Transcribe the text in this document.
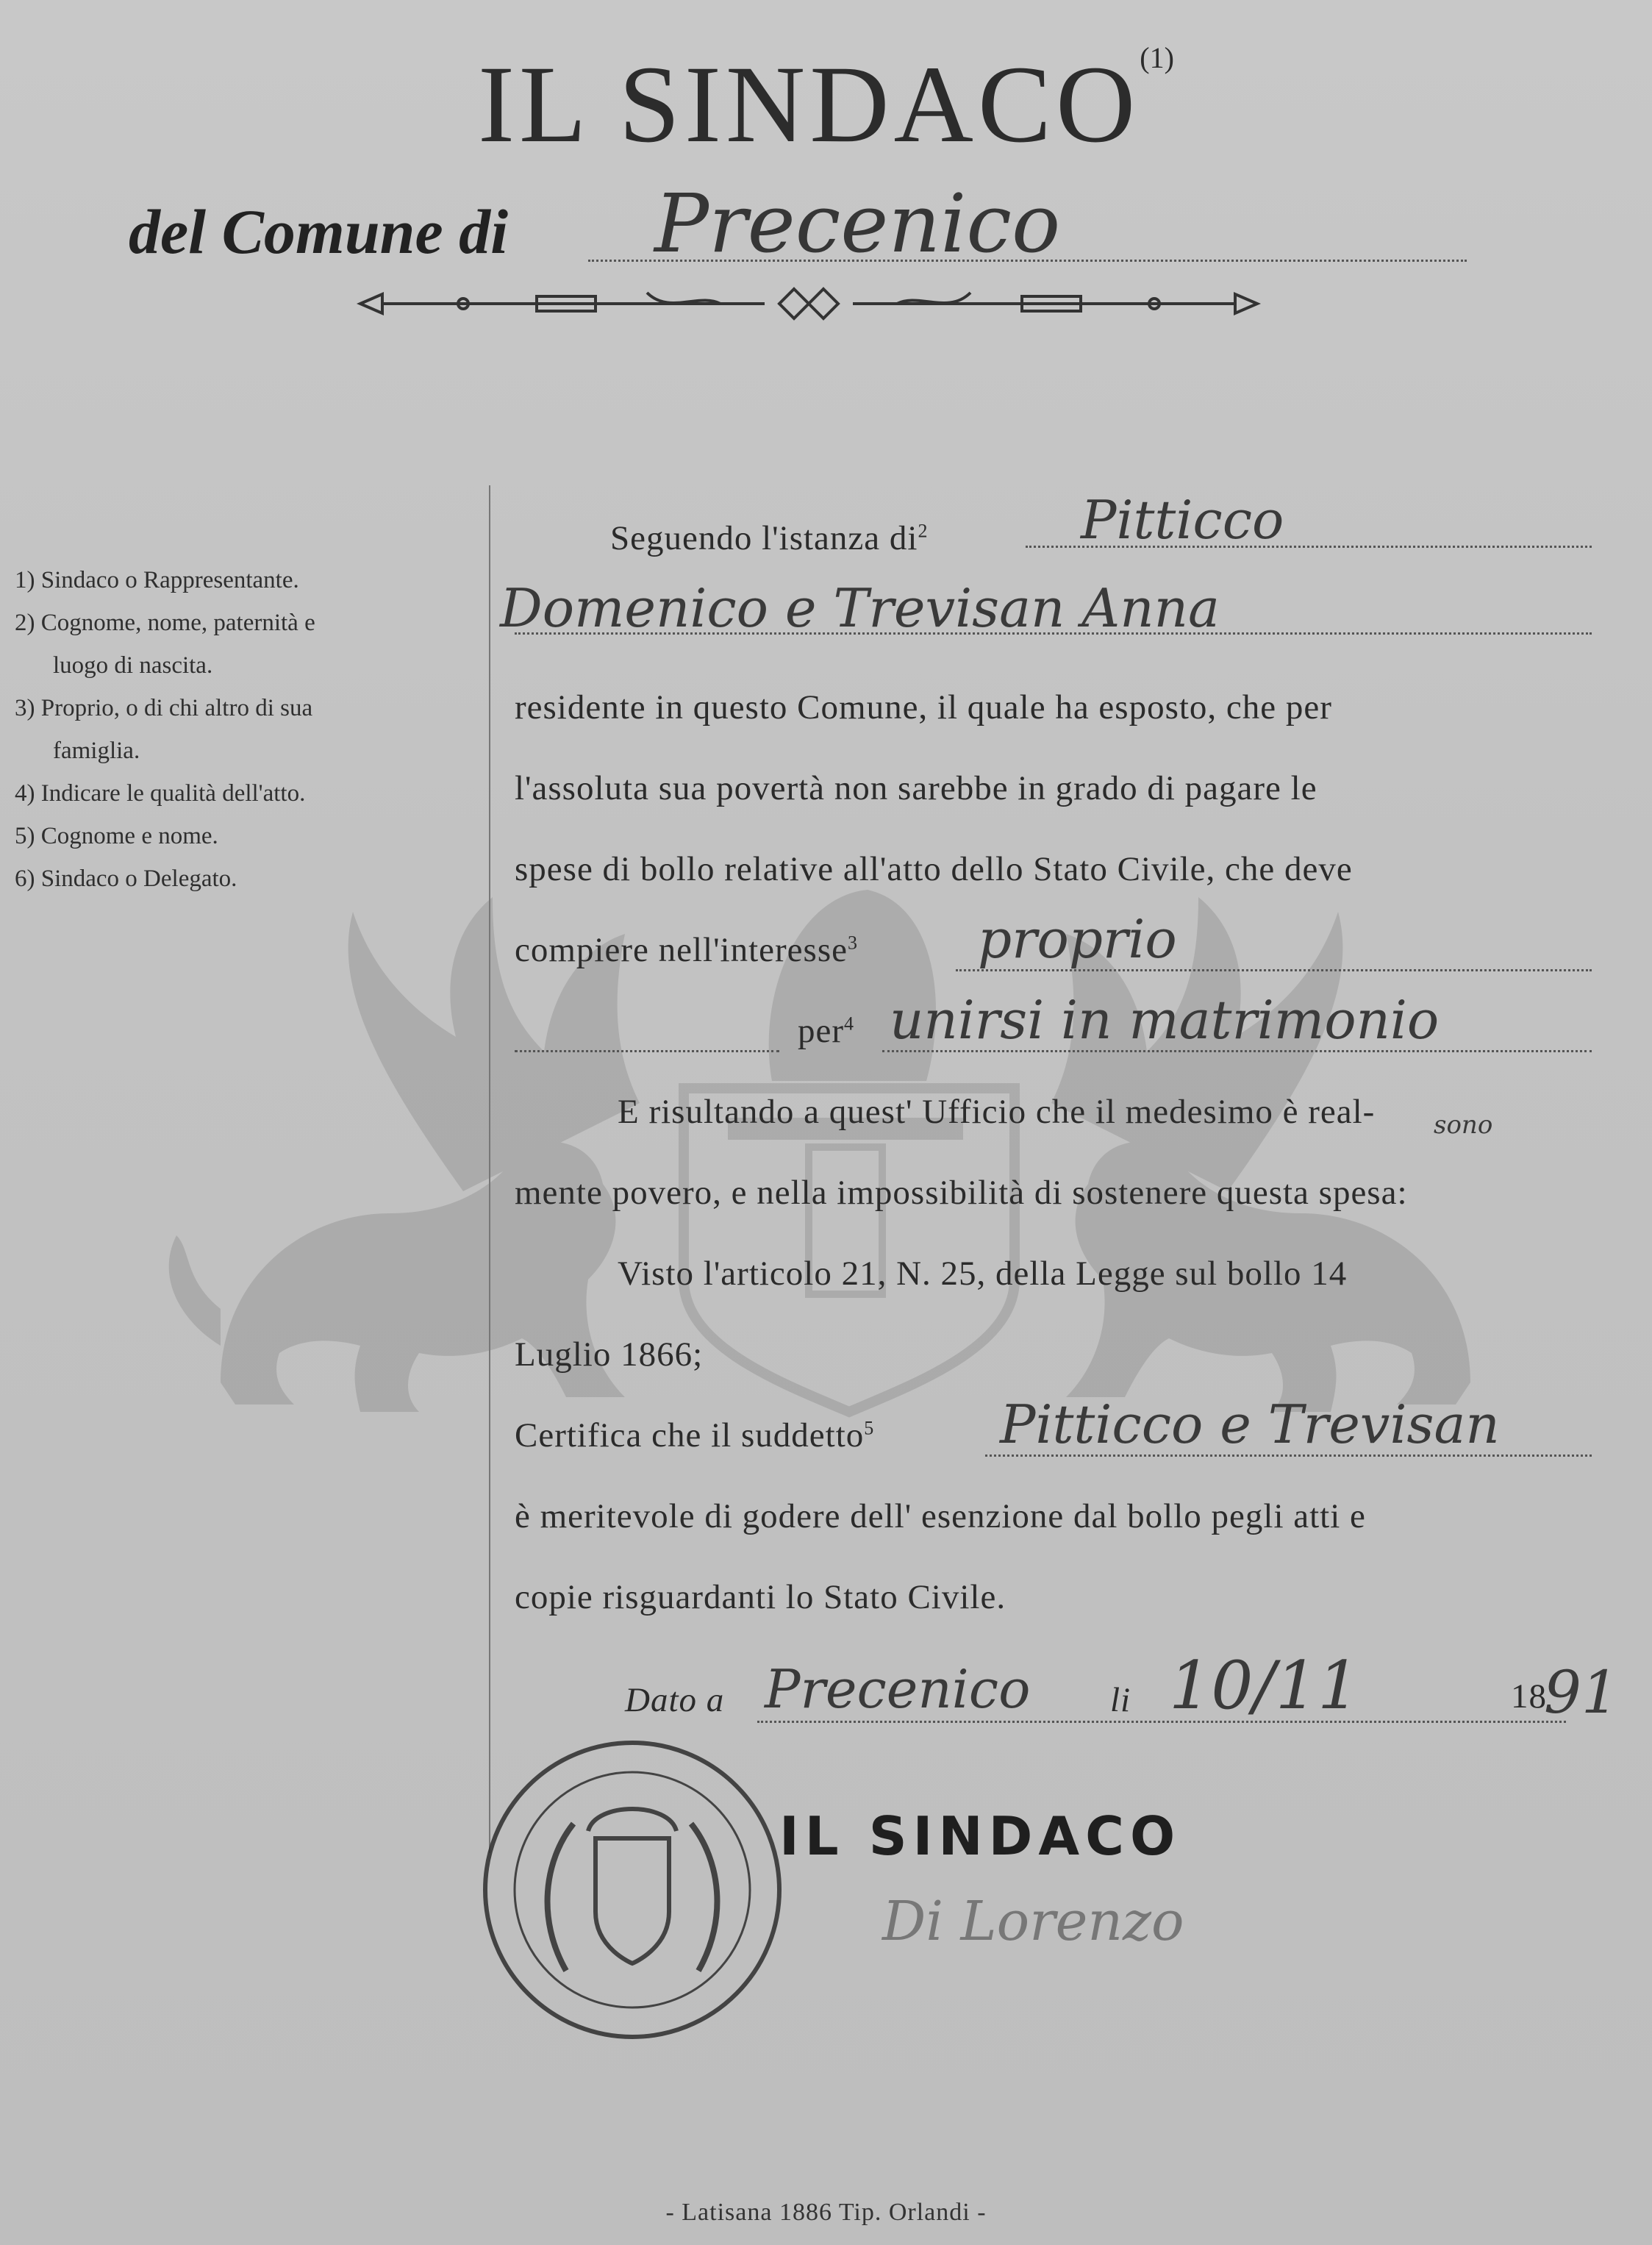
IL SINDACO$^{(1)}$
del Comune di Precenico
1) Sindaco o Rappresentante.
2) Cognome, nome, paternità e
luogo di nascita.
3) Proprio, o di chi altro di sua
famiglia.
4) Indicare le qualità dell'atto.
5) Cognome e nome.
6) Sindaco o Delegato.
Seguendo l'istanza $di^2$	Pitticco
Domenico e Trevisan Anna
residente in questo Comune, il quale ha esposto, che per
l'assoluta sua povertà non sarebbe in grado di pagare le
spese di bollo relative all'atto dello Stato Civile, che deve
compiere nell'interesse$^3$ proprio
per$^4$ unirsi in matrimonio
E risultando a quest' Ufficio che il medesimo è real- sono
mente povero, e nella impossibilità di sostenere questa spesa:
Visto l'articolo 21, N. 25, della Legge sul bollo 14
Luglio 1866;
Certifica che il suddetto$^5$ Pitticco e Trevisan
è meritevole di godere dell' esenzione dal bollo pegli atti e
copie risguardanti lo Stato Civile.
Dato a Precenico li 10/11	18
91
IL SINDACO
Di Lorenzo
- Latisana 1886 Tip. Orlandi -
